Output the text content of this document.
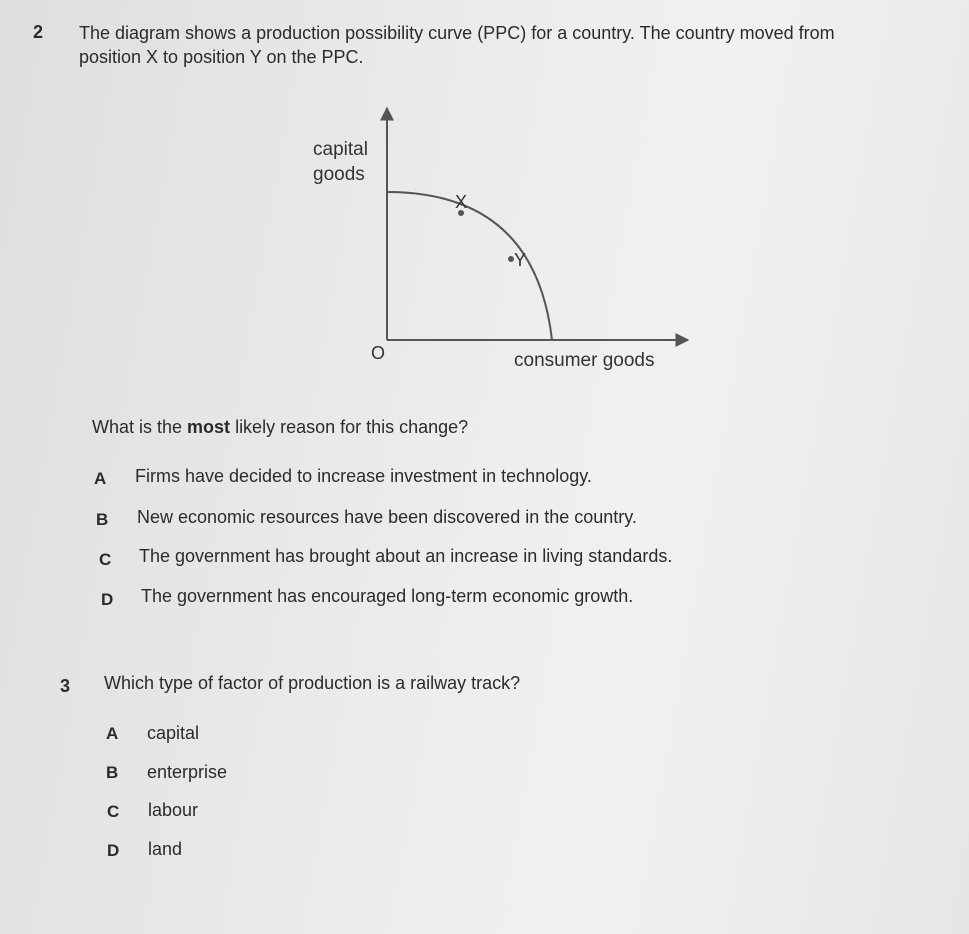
2 The diagram shows a production possibility curve (PPC) for a country. The country moved from
position X to position Y on the PPC.
capital
goods
X
Y
O	consumer goods
What is the most likely reason for this change?
A Firms have decided to increase investment in technology.
B New economic resources have been discovered in the country.
C The government has brought about an increase in living standards.
D The government has encouraged long-term economic growth.
3 Which type of factor of production is a railway track?
A capital
B enterprise
C labour
D land
